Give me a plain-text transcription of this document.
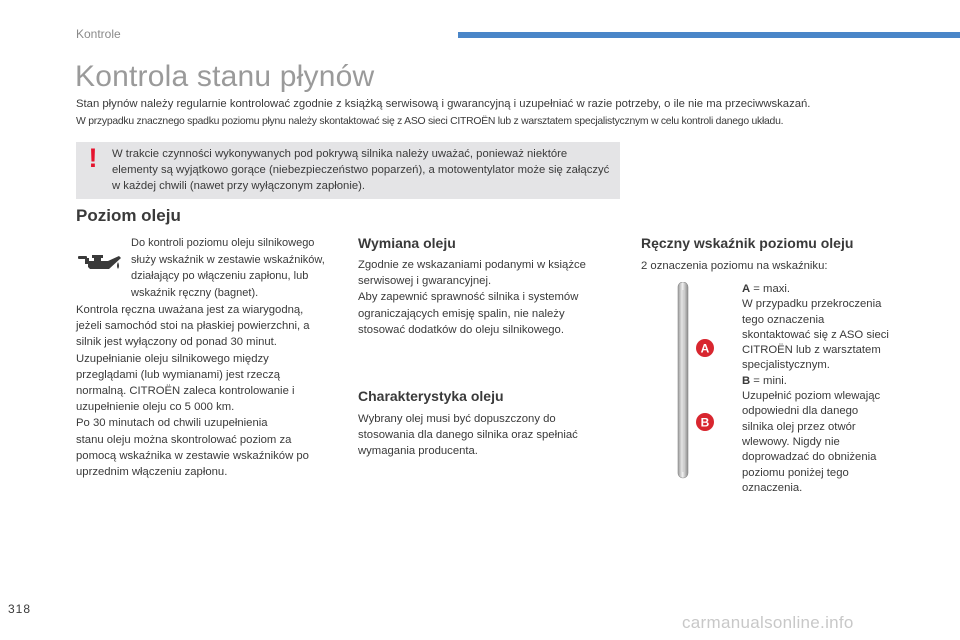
Kontrole
Kontrola stanu płynów
Stan płynów należy regularnie kontrolować zgodnie z książką serwisową i gwarancyjną i uzupełniać w razie potrzeby, o ile nie ma przeciwwskazań.
W przypadku znacznego spadku poziomu płynu należy skontaktować się z ASO sieci CITROËN lub z warsztatem specjalistycznym w celu kontroli danego układu.
! W trakcie czynności wykonywanych pod pokrywą silnika należy uważać, ponieważ niektóre elementy są wyjątkowo gorące (niebezpieczeństwo poparzeń), a motowentylator może się załączyć w każdej chwili (nawet przy wyłączonym zapłonie).
Poziom oleju
Do kontroli poziomu oleju silnikowego służy wskaźnik w zestawie wskaźników, działający po włączeniu zapłonu, lub wskaźnik ręczny (bagnet).
Kontrola ręczna uważana jest za wiarygodną,
jeżeli samochód stoi na płaskiej powierzchni, a
silnik jest wyłączony od ponad 30 minut.
Uzupełnianie oleju silnikowego między
przeglądami (lub wymianami) jest rzeczą
normalną. CITROËN zaleca kontrolowanie i
uzupełnienie oleju co 5 000 km.
Po 30 minutach od chwili uzupełnienia
stanu oleju można skontrolować poziom za
pomocą wskaźnika w zestawie wskaźników po
uprzednim włączeniu zapłonu.
Wymiana oleju
Zgodnie ze wskazaniami podanymi w książce
serwisowej i gwarancyjnej.
Aby zapewnić sprawność silnika i systemów
ograniczających emisję spalin, nie należy
stosować dodatków do oleju silnikowego.
Charakterystyka oleju
Wybrany olej musi być dopuszczony do
stosowania dla danego silnika oraz spełniać
wymagania producenta.
Ręczny wskaźnik poziomu oleju
2 oznaczenia poziomu na wskaźniku:
A
B
A = maxi.
W przypadku przekroczenia
tego oznaczenia
skontaktować się z ASO sieci
CITROËN lub z warsztatem
specjalistycznym.
B = mini.
Uzupełnić poziom wlewając
odpowiedni dla danego
silnika olej przez otwór
wlewowy. Nigdy nie
doprowadzać do obniżenia
poziomu poniżej tego
oznaczenia.
318
carmanualsonline.info
